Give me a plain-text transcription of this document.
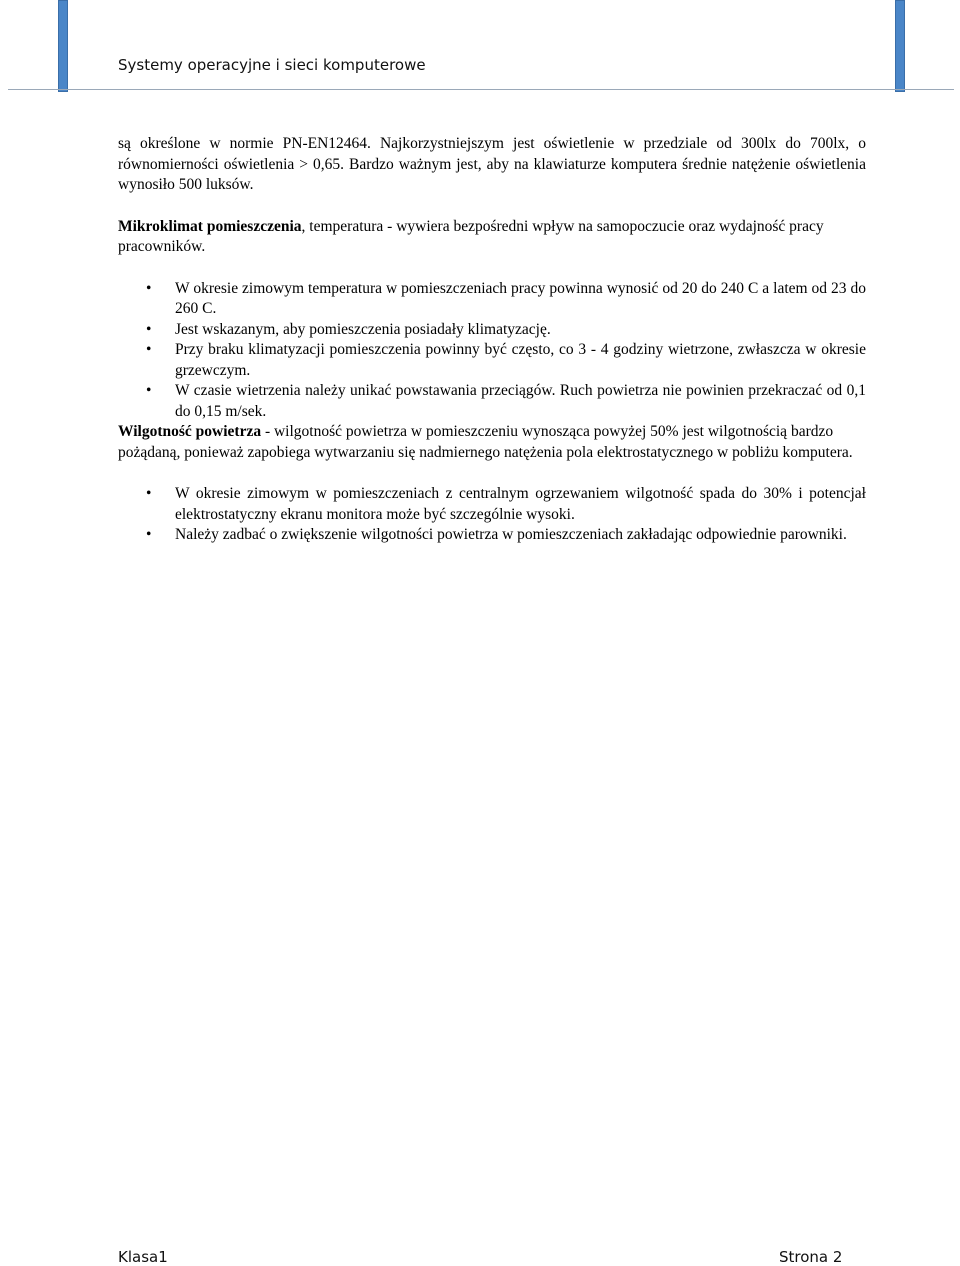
Systemy operacyjne i sieci komputerowe

są określone w normie PN-EN12464. Najkorzystniejszym jest oświetlenie w przedziale od 300lx do 700lx, o równomierności oświetlenia > 0,65. Bardzo ważnym jest, aby na klawiaturze komputera średnie natężenie oświetlenia wynosiło 500 luksów.

Mikroklimat pomieszczenia, temperatura - wywiera bezpośredni wpływ na samopoczucie oraz wydajność pracy pracowników.

• W okresie zimowym temperatura w pomieszczeniach pracy powinna wynosić od 20 do 240 C a latem od 23 do 260 C.
• Jest wskazanym, aby pomieszczenia posiadały klimatyzację.
• Przy braku klimatyzacji pomieszczenia powinny być często, co 3 - 4 godziny wietrzone, zwłaszcza w okresie grzewczym.
• W czasie wietrzenia należy unikać powstawania przeciągów. Ruch powietrza nie powinien przekraczać od 0,1 do 0,15 m/sek.

Wilgotność powietrza - wilgotność powietrza w pomieszczeniu wynosząca powyżej 50% jest wilgotnością bardzo pożądaną, ponieważ zapobiega wytwarzaniu się nadmiernego natężenia pola elektrostatycznego w pobliżu komputera.

• W okresie zimowym w pomieszczeniach z centralnym ogrzewaniem wilgotność spada do 30% i potencjał elektrostatyczny ekranu monitora może być szczególnie wysoki.
• Należy zadbać o zwiększenie wilgotności powietrza w pomieszczeniach zakładając odpowiednie parowniki.
Klasa1	Strona 2
